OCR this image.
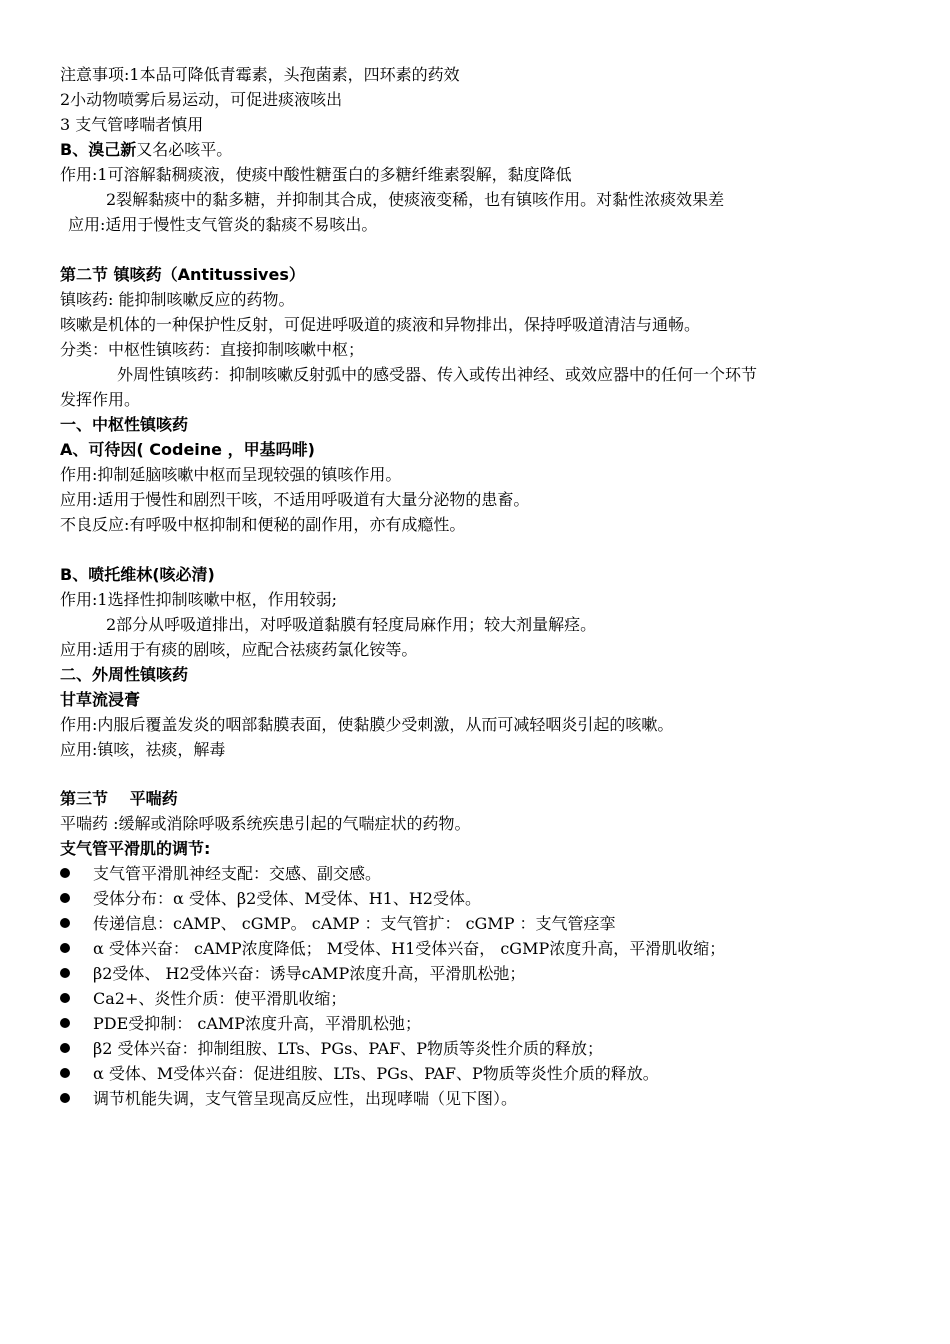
注意事项:1本品可降低青霉素，头孢菌素，四环素的药效
2小动物喷雾后易运动，可促进痰液咳出
3 支气管哮喘者慎用
B、溴己新又名必咳平。
作用:1可溶解黏稠痰液，使痰中酸性糖蛋白的多糖纤维素裂解，黏度降低
2裂解黏痰中的黏多糖，并抑制其合成，使痰液变稀，也有镇咳作用。对黏性浓痰效果差
应用:适用于慢性支气管炎的黏痰不易咳出。
第二节 镇咳药（Antitussives）
镇咳药: 能抑制咳嗽反应的药物。
咳嗽是机体的一种保护性反射，可促进呼吸道的痰液和异物排出，保持呼吸道清洁与通畅。
分类：中枢性镇咳药：直接抑制咳嗽中枢；
外周性镇咳药：抑制咳嗽反射弧中的感受器、传入或传出神经、或效应器中的任何一个环节
发挥作用。
一、中枢性镇咳药
A、可待因( Codeine ，甲基吗啡)
作用:抑制延脑咳嗽中枢而呈现较强的镇咳作用。
应用:适用于慢性和剧烈干咳，不适用呼吸道有大量分泌物的患畜。
不良反应:有呼吸中枢抑制和便秘的副作用，亦有成瘾性。
B、喷托维林(咳必清)
作用:1选择性抑制咳嗽中枢，作用较弱;
2部分从呼吸道排出，对呼吸道黏膜有轻度局麻作用；较大剂量解痉。
应用:适用于有痰的剧咳，应配合祛痰药氯化铵等。
二、外周性镇咳药
甘草流浸膏
作用:内服后覆盖发炎的咽部黏膜表面，使黏膜少受刺激，从而可减轻咽炎引起的咳嗽。
应用:镇咳，祛痰，解毒
第三节　 平喘药
平喘药 :缓解或消除呼吸系统疾患引起的气喘症状的药物。
支气管平滑肌的调节:
支气管平滑肌神经支配：交感、副交感。
受体分布：α 受体、β2受体、M受体、H1、H2受体。
传递信息：cAMP、 cGMP。 cAMP ：支气管扩： cGMP ：支气管痉挛
α 受体兴奋： cAMP浓度降低； M受体、H1受体兴奋， cGMP浓度升高，平滑肌收缩；
β2受体、 H2受体兴奋：诱导cAMP浓度升高，平滑肌松弛；
Ca2+、炎性介质：使平滑肌收缩；
PDE受抑制： cAMP浓度升高，平滑肌松弛；
β2 受体兴奋：抑制组胺、LTs、PGs、PAF、P物质等炎性介质的释放；
α 受体、M受体兴奋：促进组胺、LTs、PGs、PAF、P物质等炎性介质的释放。
调节机能失调，支气管呈现高反应性，出现哮喘（见下图）。
